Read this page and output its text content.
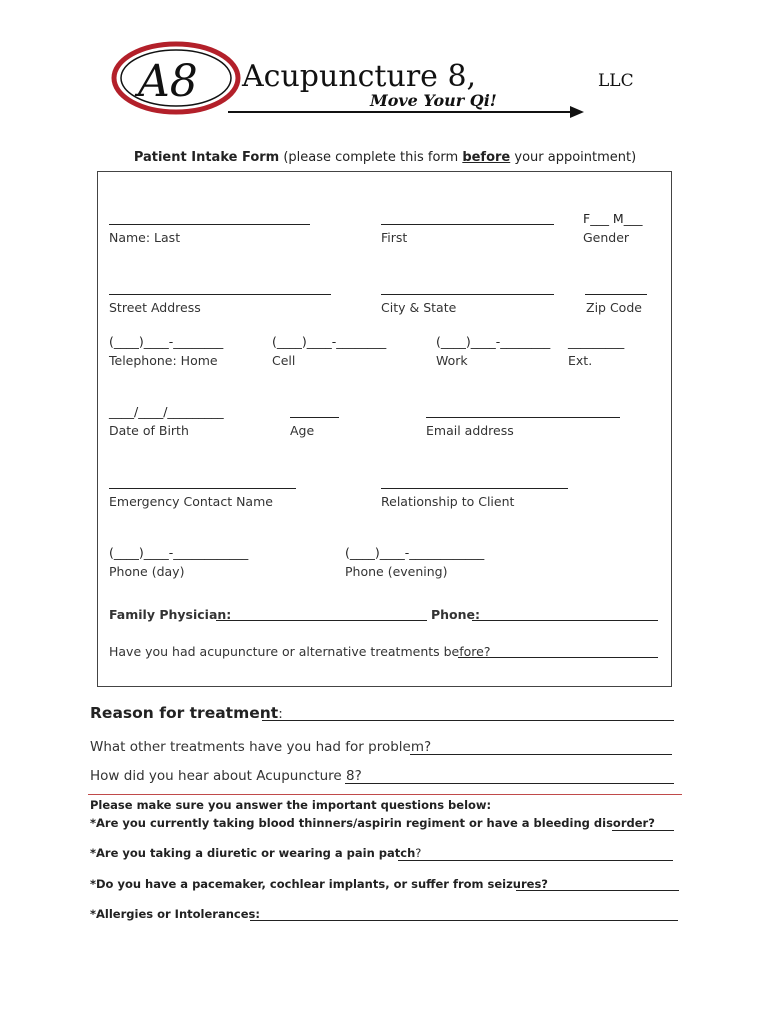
A8 Acupuncture 8,	LLC
Move Your Qi!
Patient Intake Form (please complete this form before your appointment)
F___ M___
Name: Last	First	Gender
Street Address	City & State	Zip Code
(____)____-________	(____)____-________	(____)____-________ _________
Telephone: Home	Cell	Work	Ext.
____/____/_________
Date of Birth	Age	Email address
Emergency Contact Name	Relationship to Client
(____)____-____________	(____)____-____________
Phone (day)	Phone (evening)
Family Physician:	Phone:
Have you had acupuncture or alternative treatments before?
Reason for treatment:
What other treatments have you had for problem?
How did you hear about Acupuncture 8?
Please make sure you answer the important questions below:
*Are you currently taking blood thinners/aspirin regiment or have a bleeding disorder?
*Are you taking a diuretic or wearing a pain patch?
*Do you have a pacemaker, cochlear implants, or suffer from seizures?
*Allergies or Intolerances:
